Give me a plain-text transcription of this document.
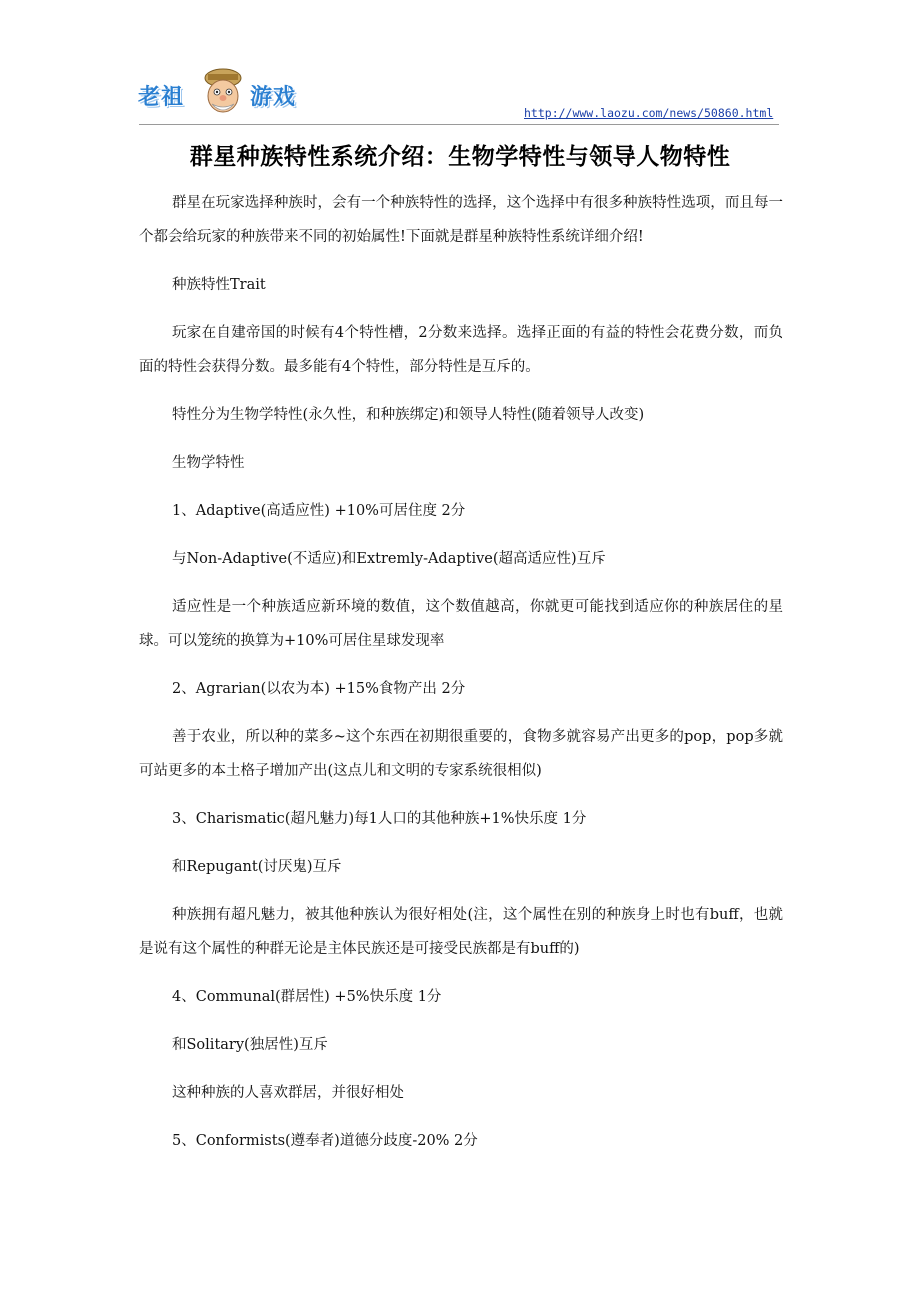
老祖	游戏
http://www.laozu.com/news/50860.html
群星种族特性系统介绍：生物学特性与领导人物特性

群星在玩家选择种族时，会有一个种族特性的选择，这个选择中有很多种族特性选项，而且每一个都会给玩家的种族带来不同的初始属性!下面就是群星种族特性系统详细介绍!

种族特性Trait

玩家在自建帝国的时候有4个特性槽，2分数来选择。选择正面的有益的特性会花费分数，而负面的特性会获得分数。最多能有4个特性，部分特性是互斥的。

特性分为生物学特性(永久性，和种族绑定)和领导人特性(随着领导人改变)

生物学特性

1、Adaptive(高适应性) +10%可居住度 2分

与Non-Adaptive(不适应)和Extremly-Adaptive(超高适应性)互斥

适应性是一个种族适应新环境的数值，这个数值越高，你就更可能找到适应你的种族居住的星球。可以笼统的换算为+10%可居住星球发现率

2、Agrarian(以农为本) +15%食物产出 2分

善于农业，所以种的菜多~这个东西在初期很重要的，食物多就容易产出更多的pop，pop多就可站更多的本土格子增加产出(这点儿和文明的专家系统很相似)

3、Charismatic(超凡魅力)每1人口的其他种族+1%快乐度 1分

和Repugant(讨厌鬼)互斥

种族拥有超凡魅力，被其他种族认为很好相处(注，这个属性在别的种族身上时也有buff，也就是说有这个属性的种群无论是主体民族还是可接受民族都是有buff的)

4、Communal(群居性) +5%快乐度 1分

和Solitary(独居性)互斥

这种种族的人喜欢群居，并很好相处

5、Conformists(遵奉者)道德分歧度-20% 2分
